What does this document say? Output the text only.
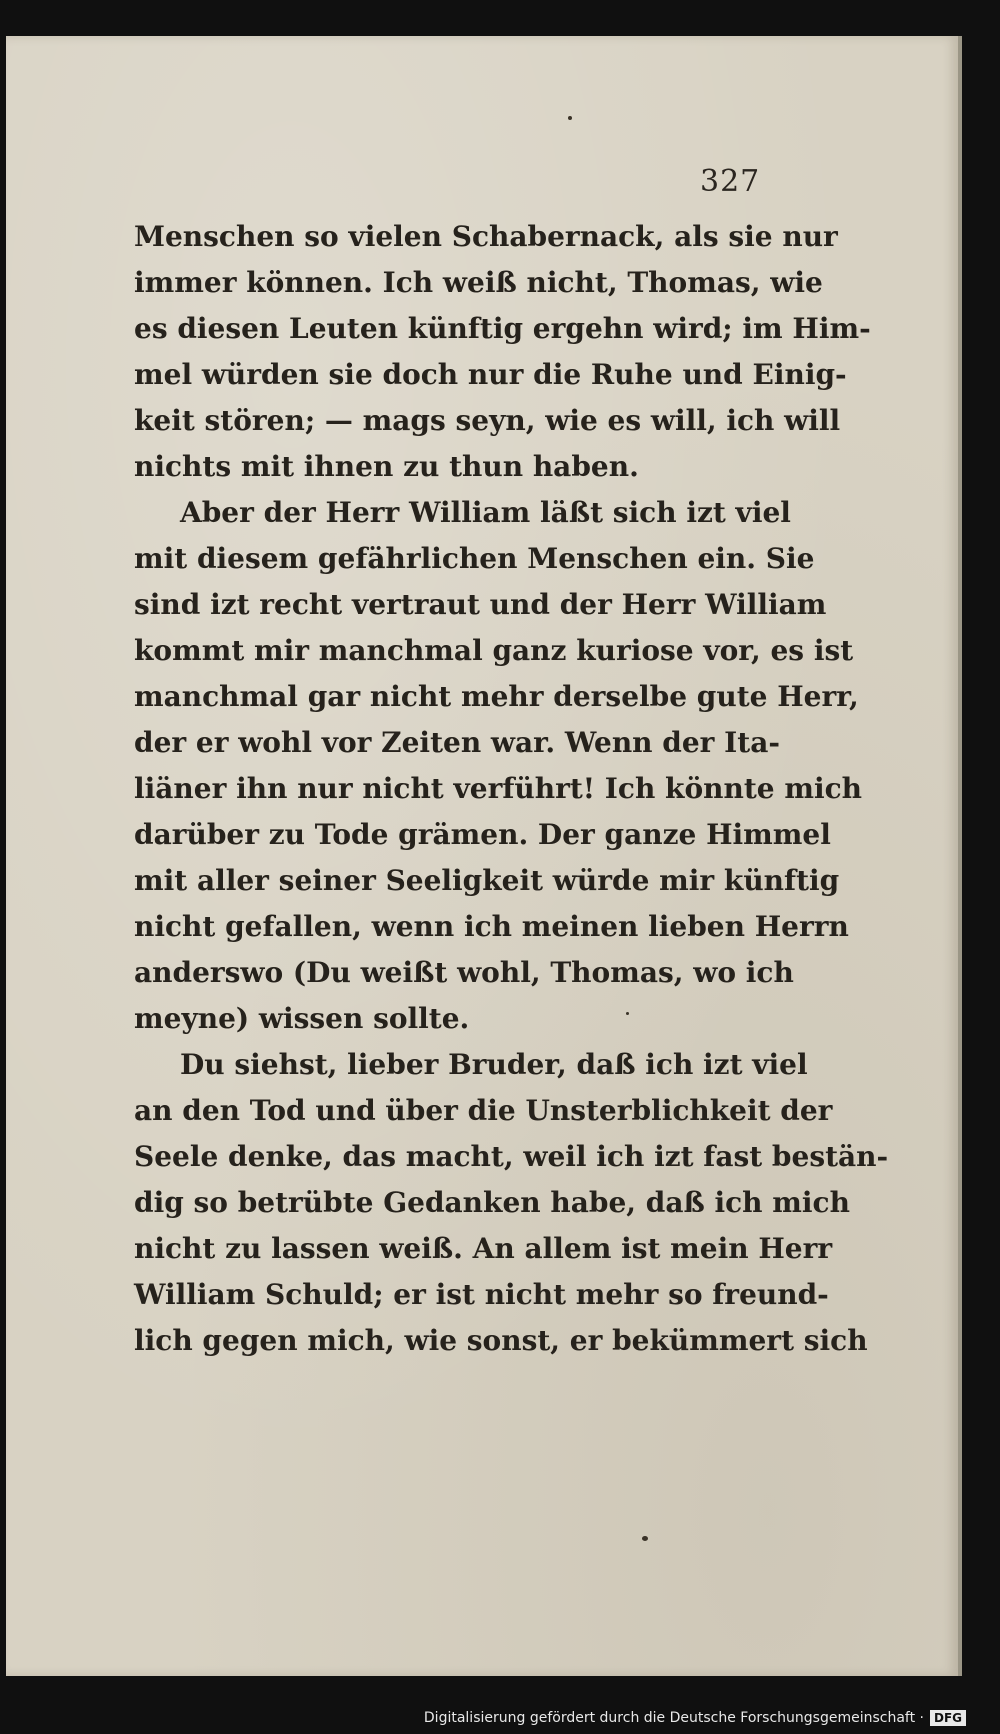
327
Menschen so vielen Schabernack, als sie nur
immer können. Ich weiß nicht, Thomas, wie
es diesen Leuten künftig ergehn wird; im Him-
mel würden sie doch nur die Ruhe und Einig-
keit stören; — mags seyn, wie es will, ich will
nichts mit ihnen zu thun haben.
Aber der Herr William läßt sich izt viel
mit diesem gefährlichen Menschen ein. Sie
sind izt recht vertraut und der Herr William
kommt mir manchmal ganz kuriose vor, es ist
manchmal gar nicht mehr derselbe gute Herr,
der er wohl vor Zeiten war. Wenn der Ita-
liäner ihn nur nicht verführt! Ich könnte mich
darüber zu Tode grämen. Der ganze Himmel
mit aller seiner Seeligkeit würde mir künftig
nicht gefallen, wenn ich meinen lieben Herrn
anderswo (Du weißt wohl, Thomas, wo ich
meyne) wissen sollte.
Du siehst, lieber Bruder, daß ich izt viel
an den Tod und über die Unsterblichkeit der
Seele denke, das macht, weil ich izt fast bestän-
dig so betrübte Gedanken habe, daß ich mich
nicht zu lassen weiß. An allem ist mein Herr
William Schuld; er ist nicht mehr so freund-
lich gegen mich, wie sonst, er bekümmert sich
Digitalisierung gefördert durch die Deutsche Forschungsgemeinschaft · DFG
